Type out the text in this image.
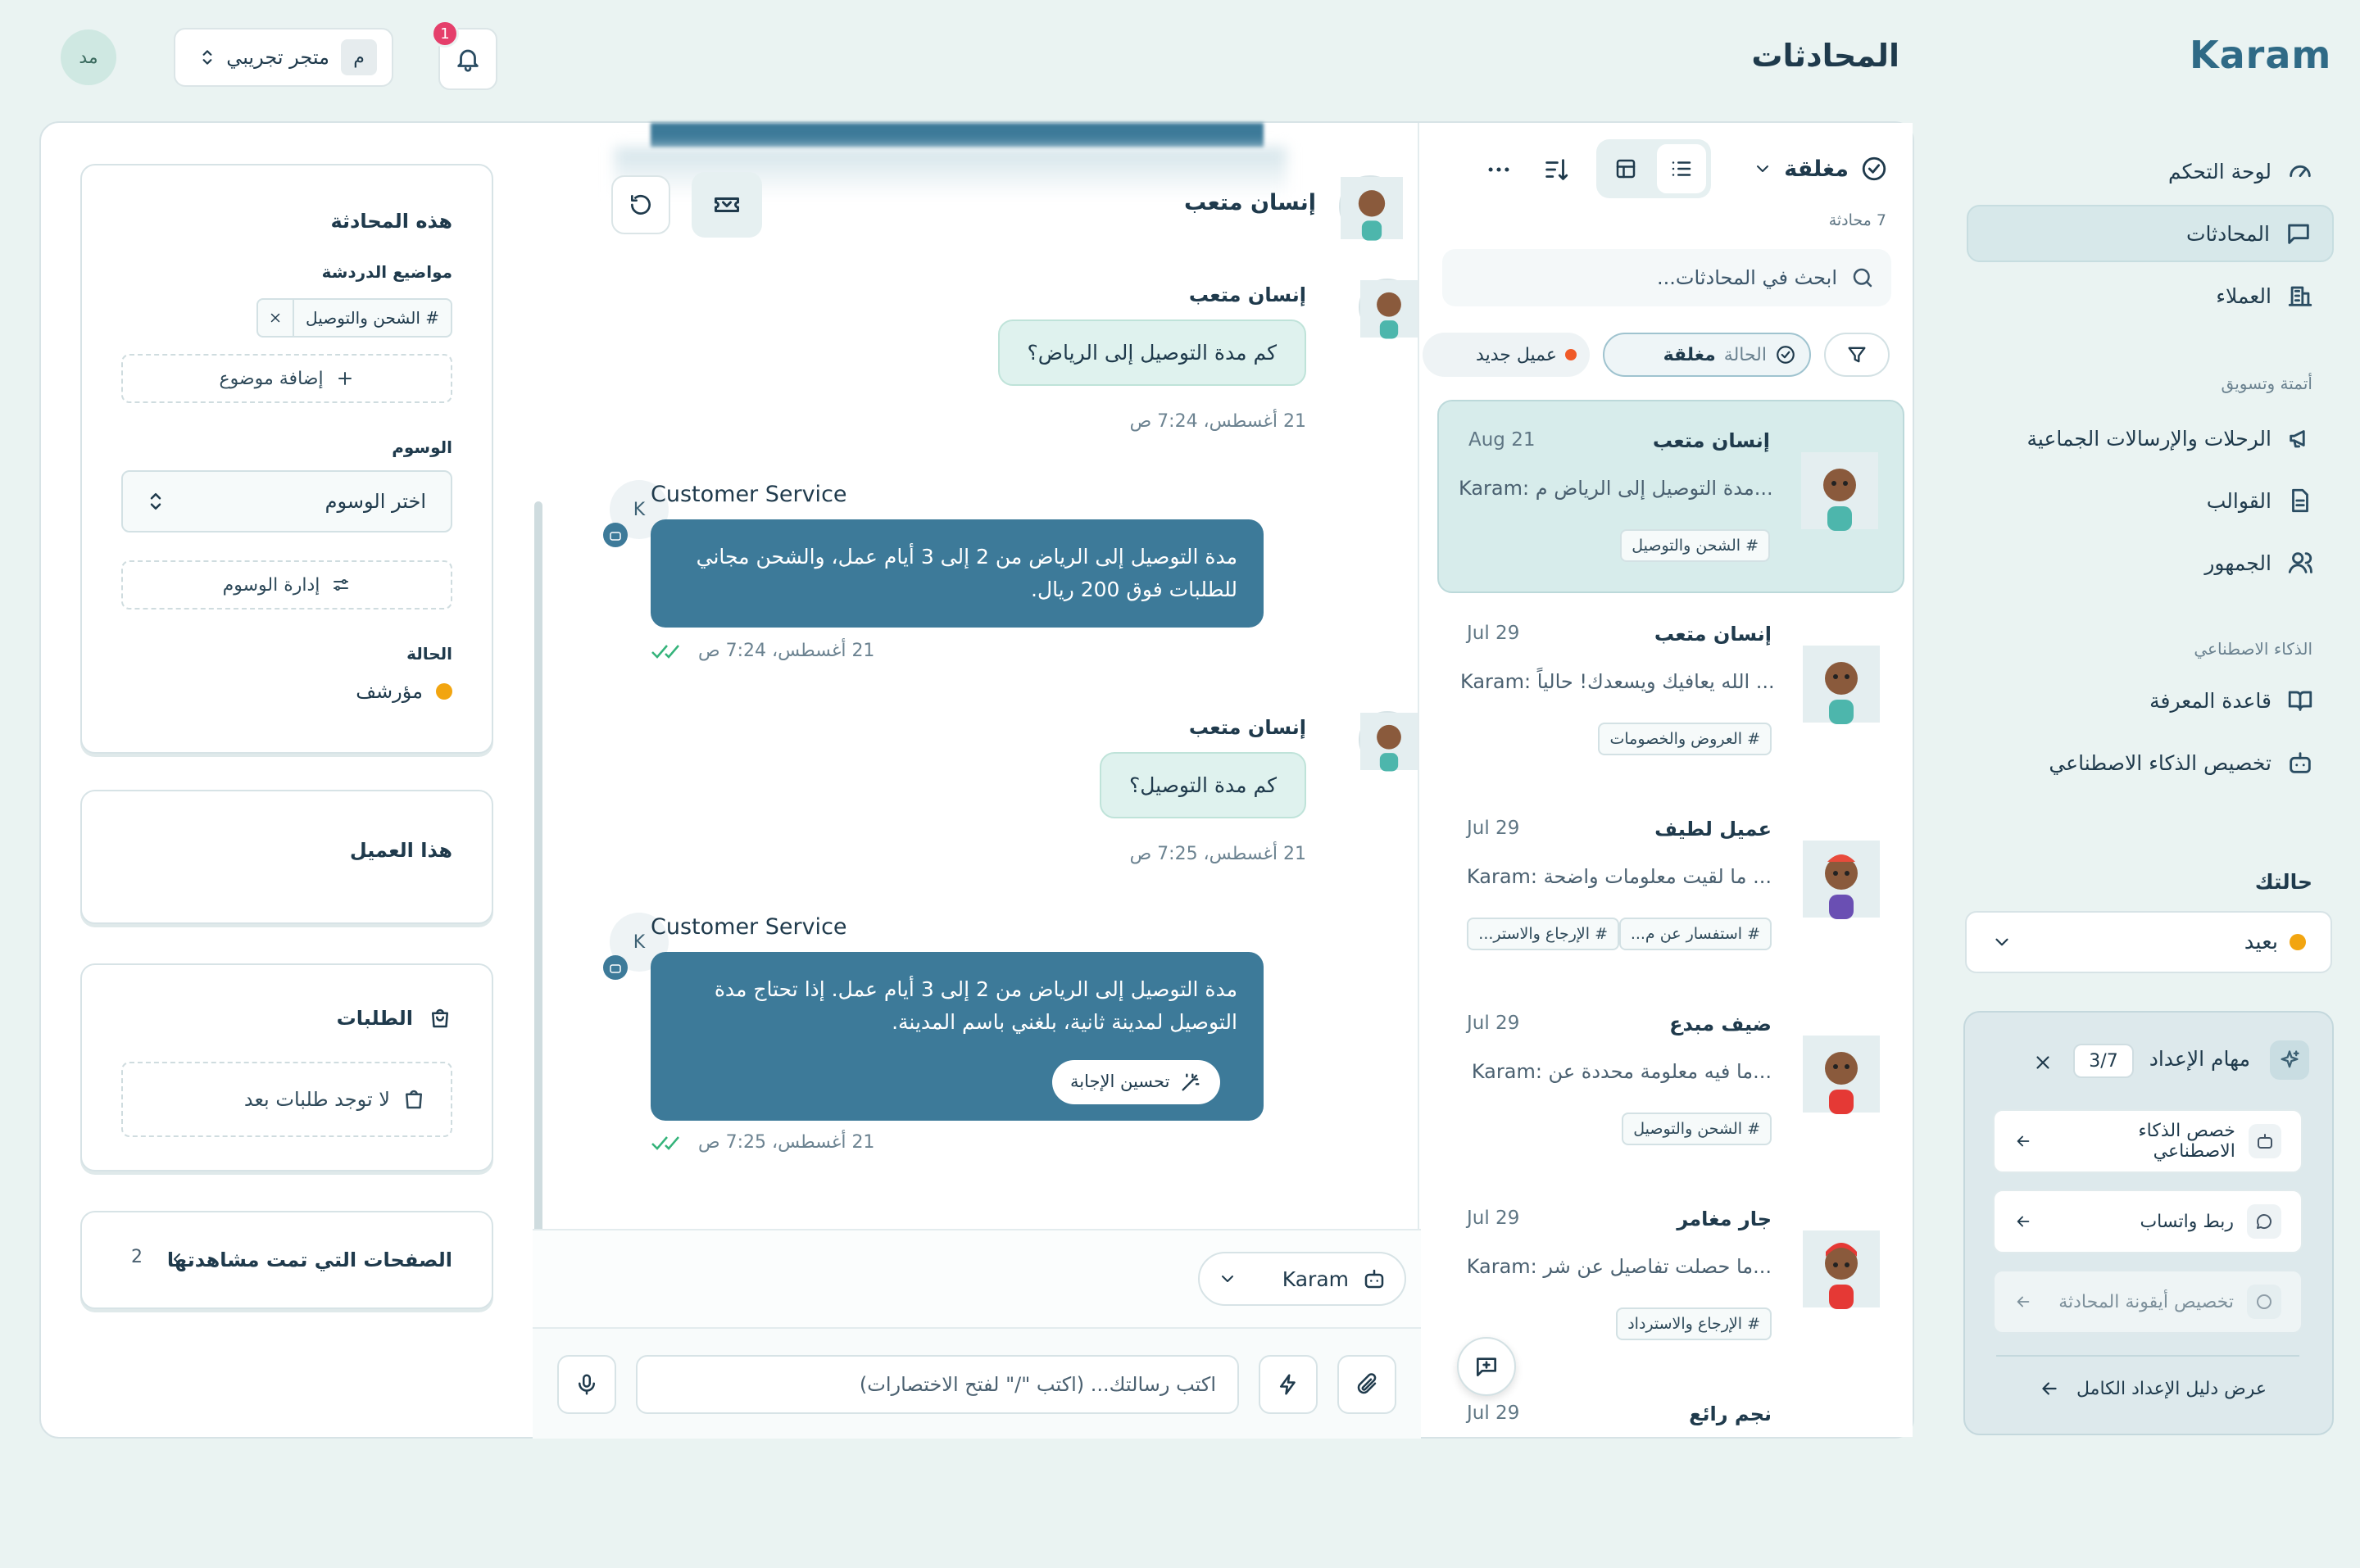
Karam
لوحة التحكم
المحادثات
العملاء
أتمتة وتسويق
الرحلات والإرسالات الجماعية
القوالب
الجمهور
الذكاء الاصطناعي
قاعدة المعرفة
تخصيص الذكاء الاصطناعي
حالتك
بعيد
مهام الإعداد
3/7
خصص الذكاء الاصطناعي
ربط واتساب
تخصيص أيقونة المحادثة
عرض دليل الإعداد الكامل
المحادثات
1
م
متجر تجريبي
مد
مغلقة
7 محادثة
ابحث في المحادثات...
الحالة
مغلقة
عميل جديد
إنسان متعب
Aug 21
Karam: مدة التوصيل إلى الرياض م...
# الشحن والتوصيل
إنسان متعب
Jul 29
Karam: الله يعافيك ويسعدك! حالياً ...
# العروض والخصومات
عميل لطيف
Jul 29
Karam: ما لقيت معلومات واضحة ...
# استفسار عن م...
# الإرجاع والاستر...
ضيف مبدع
Jul 29
Karam: ما فيه معلومة محددة عن...
# الشحن والتوصيل
جار مغامر
Jul 29
Karam: ما حصلت تفاصيل عن شر...
# الإرجاع والاسترداد
نجم رائع
Jul 29
إنسان متعب
إنسان متعب
كم مدة التوصيل إلى الرياض؟
21 أغسطس، 7:24 ص
K
Customer Service
مدة التوصيل إلى الرياض من 2 إلى 3 أيام عمل، والشحن مجاني للطلبات فوق 200 ريال.
21 أغسطس، 7:24 ص
إنسان متعب
كم مدة التوصيل؟
21 أغسطس، 7:25 ص
K
Customer Service
مدة التوصيل إلى الرياض من 2 إلى 3 أيام عمل. إذا تحتاج مدة التوصيل لمدينة ثانية، بلغني باسم المدينة.
تحسين الإجابة
21 أغسطس، 7:25 ص
Karam
اكتب رسالتك... (اكتب "/" لفتح الاختصارات)
هذه المحادثة
مواضيع الدردشة
# الشحن والتوصيل
إضافة موضوع
الوسوم
اختر الوسوم
إدارة الوسوم
الحالة
مؤرشف
هذا العميل
الطلبات
لا توجد طلبات بعد
الصفحات التي تمت مشاهدتها
2
